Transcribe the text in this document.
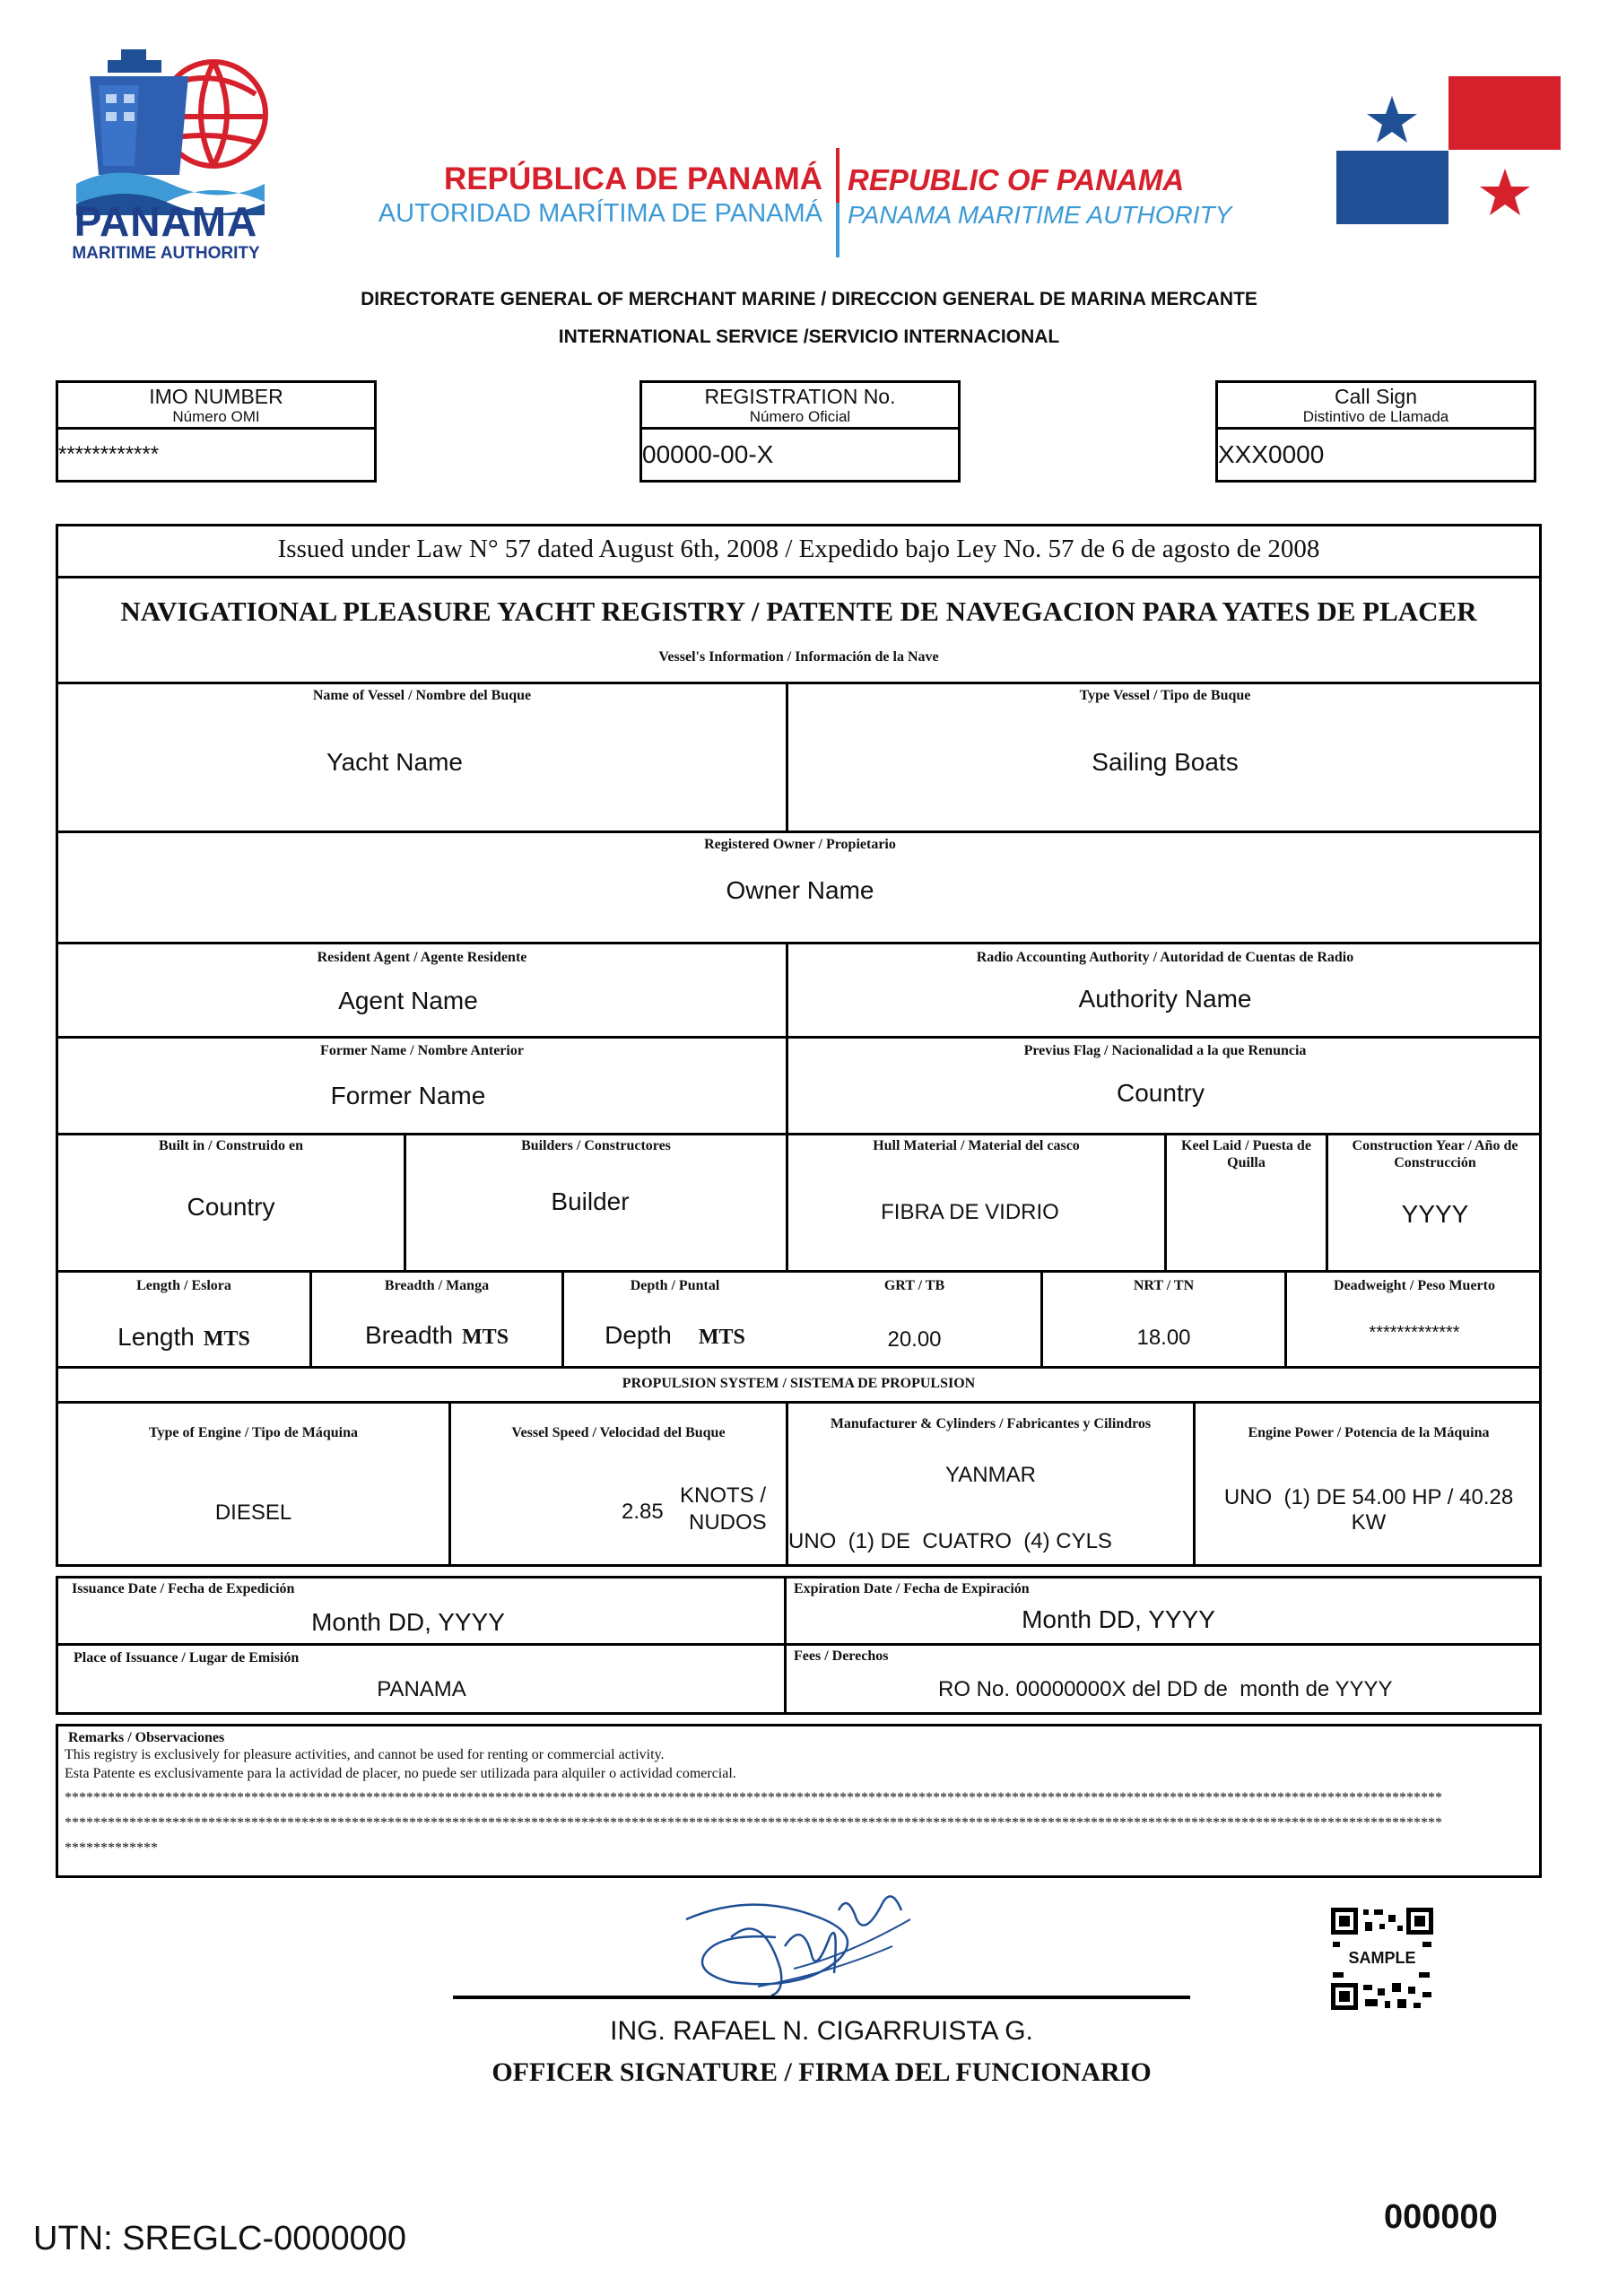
PANAMA
MARITIME AUTHORITY
REPÚBLICA DE PANAMÁ
AUTORIDAD MARÍTIMA DE PANAMÁ
REPUBLIC OF PANAMA
PANAMA MARITIME AUTHORITY
DIRECTORATE GENERAL OF MERCHANT MARINE / DIRECCION GENERAL DE MARINA MERCANTE
INTERNATIONAL SERVICE /SERVICIO INTERNACIONAL
IMO NUMBER
Número OMI
************
REGISTRATION No.
Número Oficial
00000-00-X
Call Sign
Distintivo de Llamada
XXX0000
Issued under Law N° 57 dated August 6th, 2008 / Expedido bajo Ley No. 57 de 6 de agosto de 2008
NAVIGATIONAL PLEASURE YACHT REGISTRY / PATENTE DE NAVEGACION PARA YATES DE PLACER
Vessel's Information / Información de la Nave
Name of Vessel / Nombre del Buque
Yacht Name
Type Vessel / Tipo de Buque
Sailing Boats
Registered Owner / Propietario
Owner Name
Resident Agent / Agente Residente
Agent Name
Radio Accounting Authority / Autoridad de Cuentas de Radio
Authority Name
Former Name / Nombre Anterior
Former Name
Previus Flag / Nacionalidad a la que Renuncia
Country
Built in / Construido en
Country
Builders / Constructores
Builder
Hull Material / Material del casco
FIBRA DE VIDRIO
Keel Laid / Puesta de Quilla
Construction Year / Año de Construcción
YYYY
Length / Eslora
Length MTS
Breadth / Manga
Breadth MTS
Depth / Puntal
Depth MTS
GRT / TB
20.00
NRT / TN
18.00
Deadweight / Peso Muerto
*************
PROPULSION SYSTEM / SISTEMA DE PROPULSION
Type of Engine / Tipo de Máquina
DIESEL
Vessel Speed / Velocidad del Buque
2.85
KNOTS /
NUDOS
Manufacturer & Cylinders / Fabricantes y Cilindros
YANMAR
UNO  (1) DE  CUATRO  (4) CYLS
Engine Power / Potencia de la Máquina
UNO  (1) DE 54.00 HP / 40.28
KW
Issuance Date / Fecha de Expedición
Month DD, YYYY
Expiration Date / Fecha de Expiración
Month DD, YYYY
Place of Issuance / Lugar de Emisión
PANAMA
Fees / Derechos
RO No. 00000000X del DD de  month de YYYY
Remarks / Observaciones
This registry is exclusively for pleasure activities, and cannot be used for renting or commercial activity.
Esta Patente es exclusivamente para la actividad de placer, no puede ser utilizada para alquiler o actividad comercial.
************************************************************************************************************************************************************************************************
************************************************************************************************************************************************************************************************
*************
ING. RAFAEL N. CIGARRUISTA G.
OFFICER SIGNATURE / FIRMA DEL FUNCIONARIO
SAMPLE
UTN: SREGLC-0000000
000000
